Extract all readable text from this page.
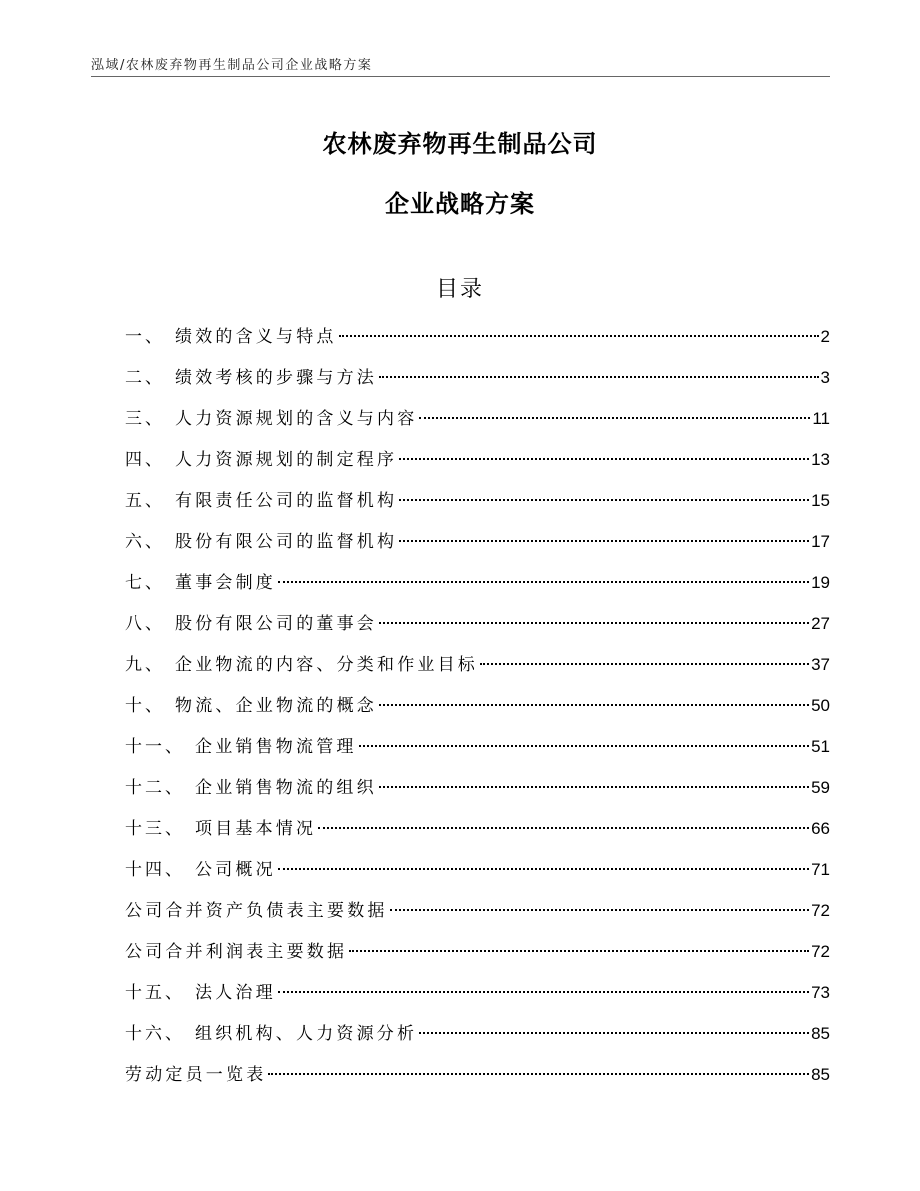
泓域/农林废弃物再生制品公司企业战略方案
农林废弃物再生制品公司
企业战略方案
目录
一、 绩效的含义与特点	2
二、 绩效考核的步骤与方法	3
三、 人力资源规划的含义与内容	11
四、 人力资源规划的制定程序	13
五、 有限责任公司的监督机构	15
六、 股份有限公司的监督机构	17
七、 董事会制度	19
八、 股份有限公司的董事会	27
九、 企业物流的内容、分类和作业目标	37
十、 物流、企业物流的概念	50
十一、 企业销售物流管理	51
十二、 企业销售物流的组织	59
十三、 项目基本情况	66
十四、 公司概况	71
公司合并资产负债表主要数据	72
公司合并利润表主要数据	72
十五、 法人治理	73
十六、 组织机构、人力资源分析	85
劳动定员一览表	85
